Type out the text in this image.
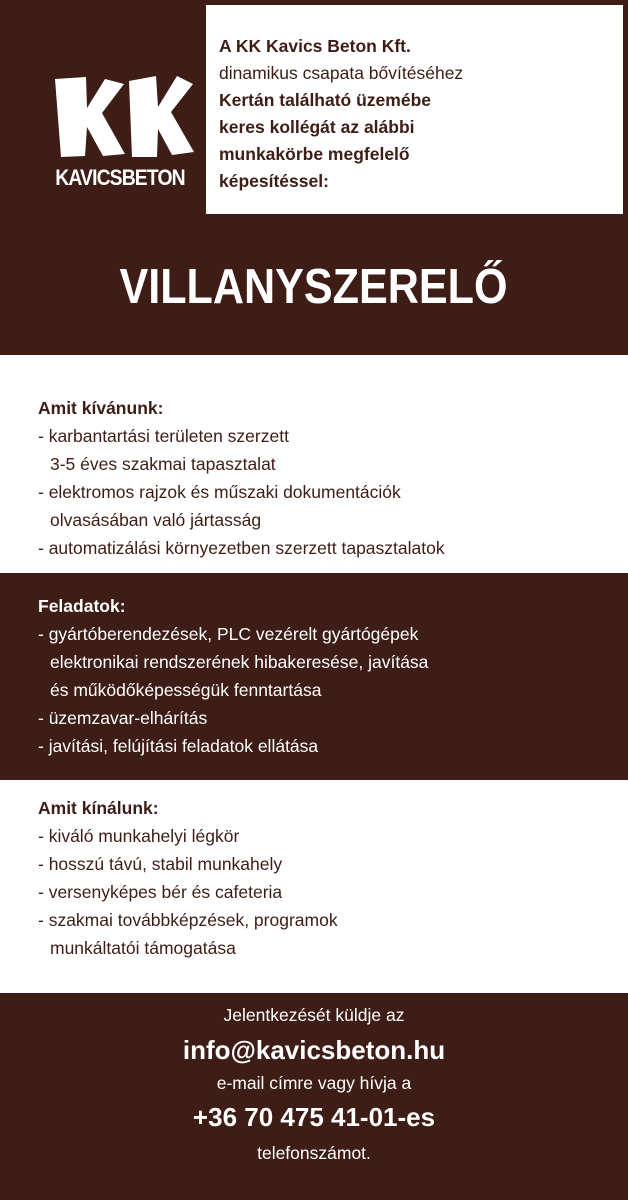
KAVICSBETON
A KK Kavics Beton Kft.
dinamikus csapata bővítéséhez
Kertán található üzemébe
keres kollégát az alábbi
munkakörbe megfelelő
képesítéssel:
VILLANYSZERELŐ
Amit kívánunk:
- karbantartási területen szerzett
3-5 éves szakmai tapasztalat
- elektromos rajzok és műszaki dokumentációk
olvasásában való jártasság
- automatizálási környezetben szerzett tapasztalatok
Feladatok:
- gyártóberendezések, PLC vezérelt gyártógépek
elektronikai rendszerének hibakeresése, javítása
és működőképességük fenntartása
- üzemzavar-elhárítás
- javítási, felújítási feladatok ellátása
Amit kínálunk:
- kiváló munkahelyi légkör
- hosszú távú, stabil munkahely
- versenyképes bér és cafeteria
- szakmai továbbképzések, programok
munkáltatói támogatása
Jelentkezését küldje az
info@kavicsbeton.hu
e-mail címre vagy hívja a
+36 70 475 41-01-es
telefonszámot.
